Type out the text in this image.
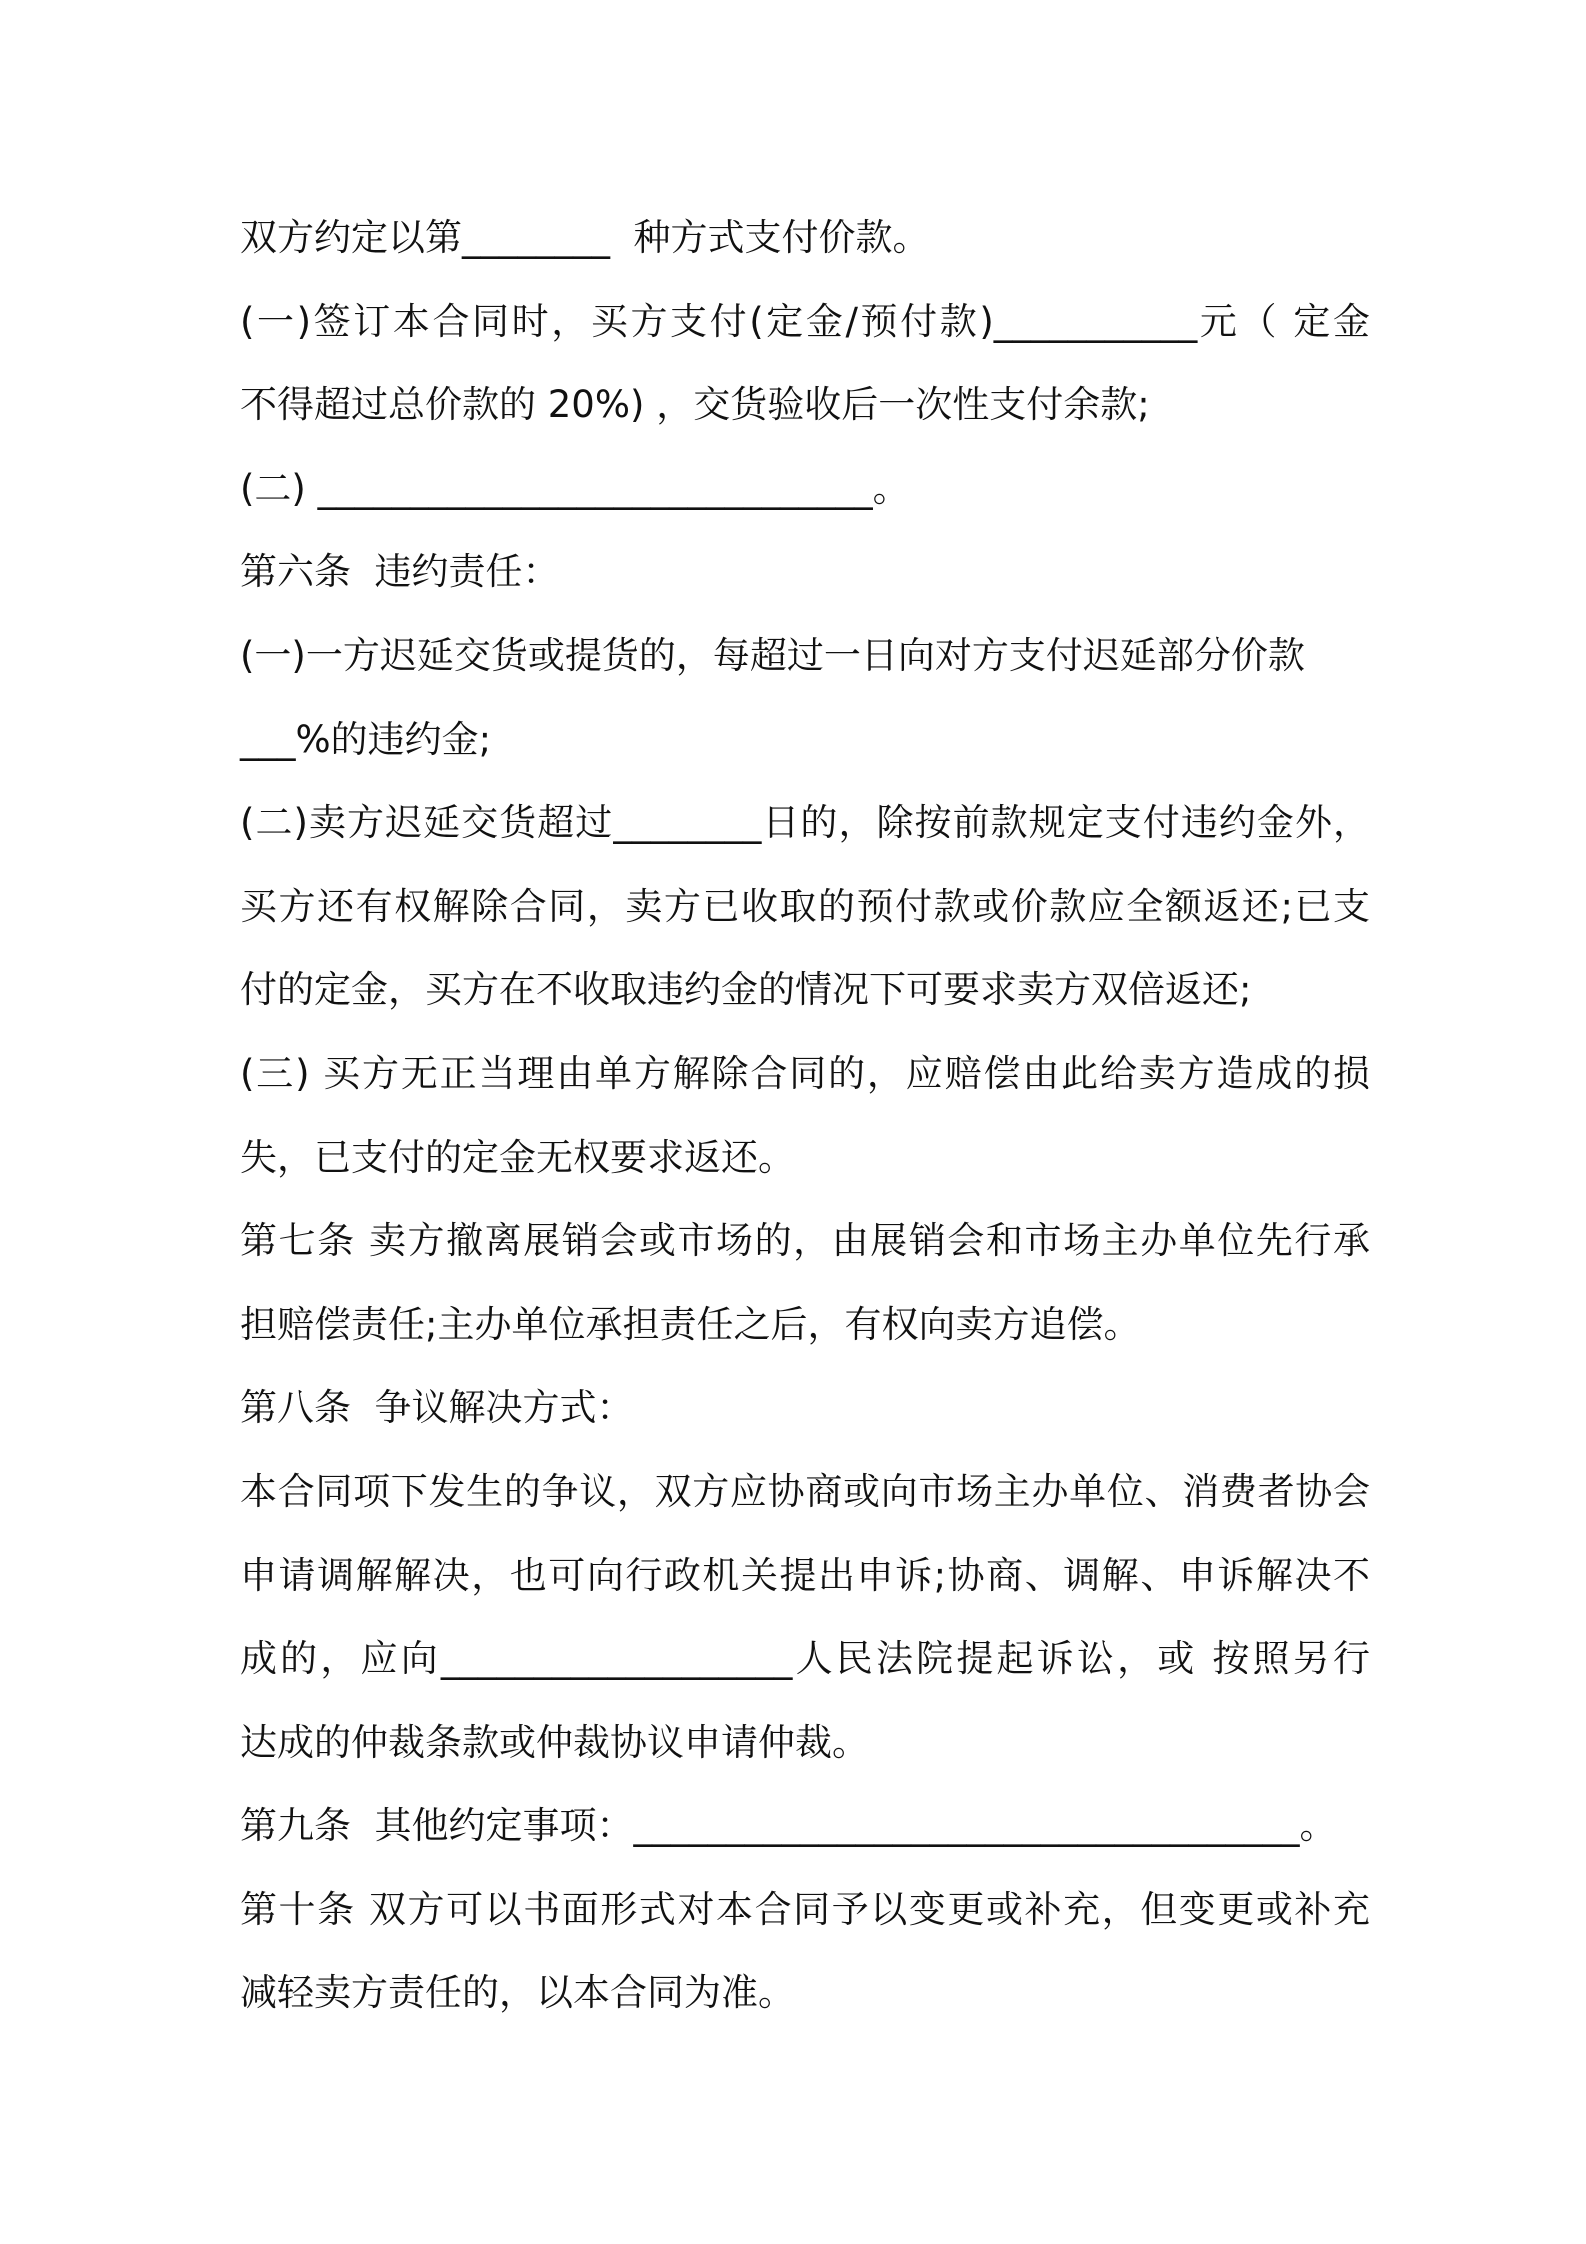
双方约定以第________  种方式支付价款。

(一)签订本合同时，买方支付(定金/预付款)___________元（ 定金

不得超过总价款的 20%) ，交货验收后一次性支付余款;

(二) ______________________________。

第六条  违约责任：

(一)一方迟延交货或提货的，每超过一日向对方支付迟延部分价款

___%的违约金;

(二)卖方迟延交货超过________日的，除按前款规定支付违约金外，

买方还有权解除合同，卖方已收取的预付款或价款应全额返还;已支

付的定金，买方在不收取违约金的情况下可要求卖方双倍返还;

(三) 买方无正当理由单方解除合同的，应赔偿由此给卖方造成的损

失，已支付的定金无权要求返还。

第七条 卖方撤离展销会或市场的，由展销会和市场主办单位先行承

担赔偿责任;主办单位承担责任之后，有权向卖方追偿。

第八条  争议解决方式：

本合同项下发生的争议，双方应协商或向市场主办单位、消费者协会

申请调解解决，也可向行政机关提出申诉;协商、调解、申诉解决不

成的，应向___________________人民法院提起诉讼，或 按照另行

达成的仲裁条款或仲裁协议申请仲裁。

第九条  其他约定事项：____________________________________。

第十条 双方可以书面形式对本合同予以变更或补充，但变更或补充

减轻卖方责任的，以本合同为准。
